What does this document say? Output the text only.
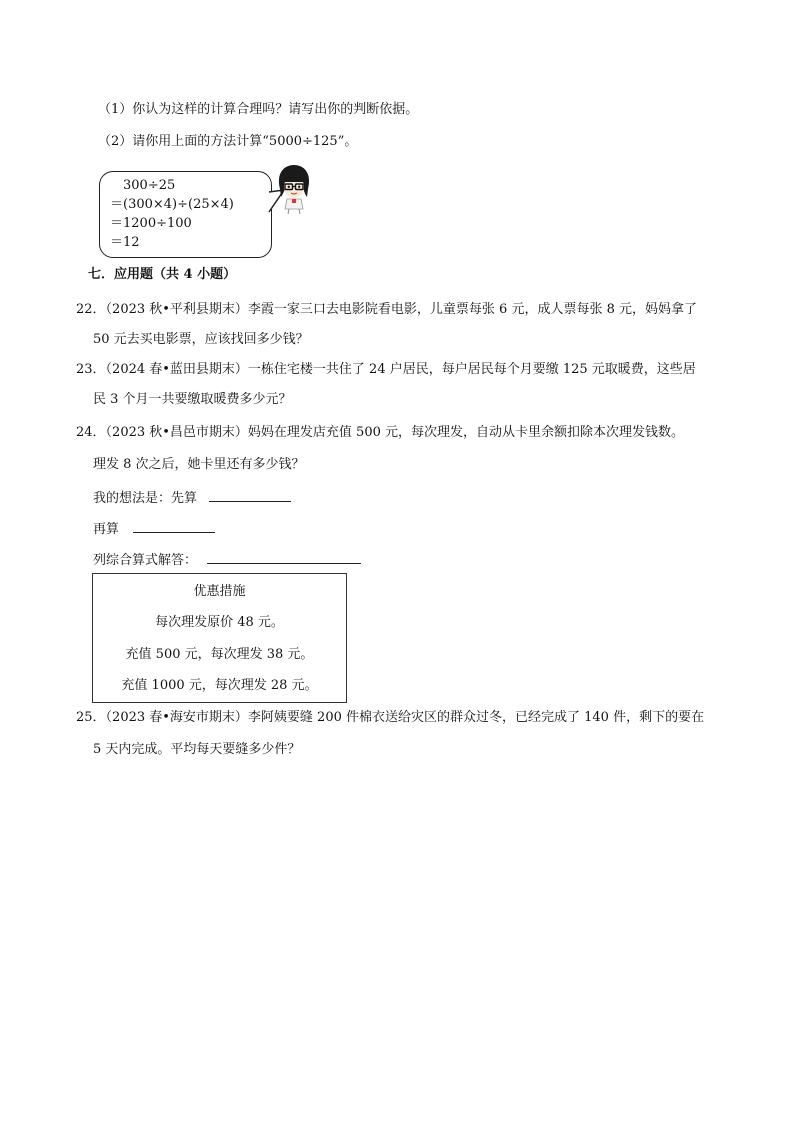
（1）你认为这样的计算合理吗？请写出你的判断依据。
（2）请你用上面的方法计算“5000÷125”。
300÷25
＝(300×4)÷(25×4)
＝1200÷100
＝12
七．应用题（共 4 小题）
22．（2023 秋•平利县期末）李霞一家三口去电影院看电影，儿童票每张 6 元，成人票每张 8 元，妈妈拿了
50 元去买电影票，应该找回多少钱？
23．（2024 春•蓝田县期末）一栋住宅楼一共住了 24 户居民，每户居民每个月要缴 125 元取暖费，这些居
民 3 个月一共要缴取暖费多少元？
24．（2023 秋•昌邑市期末）妈妈在理发店充值 500 元，每次理发，自动从卡里余额扣除本次理发钱数。
理发 8 次之后，她卡里还有多少钱？
我的想法是：先算
再算
列综合算式解答：
优惠措施
每次理发原价 48 元。
充值 500 元，每次理发 38 元。
充值 1000 元，每次理发 28 元。
25．（2023 春•海安市期末）李阿姨要缝 200 件棉衣送给灾区的群众过冬，已经完成了 140 件，剩下的要在
5 天内完成。平均每天要缝多少件？
